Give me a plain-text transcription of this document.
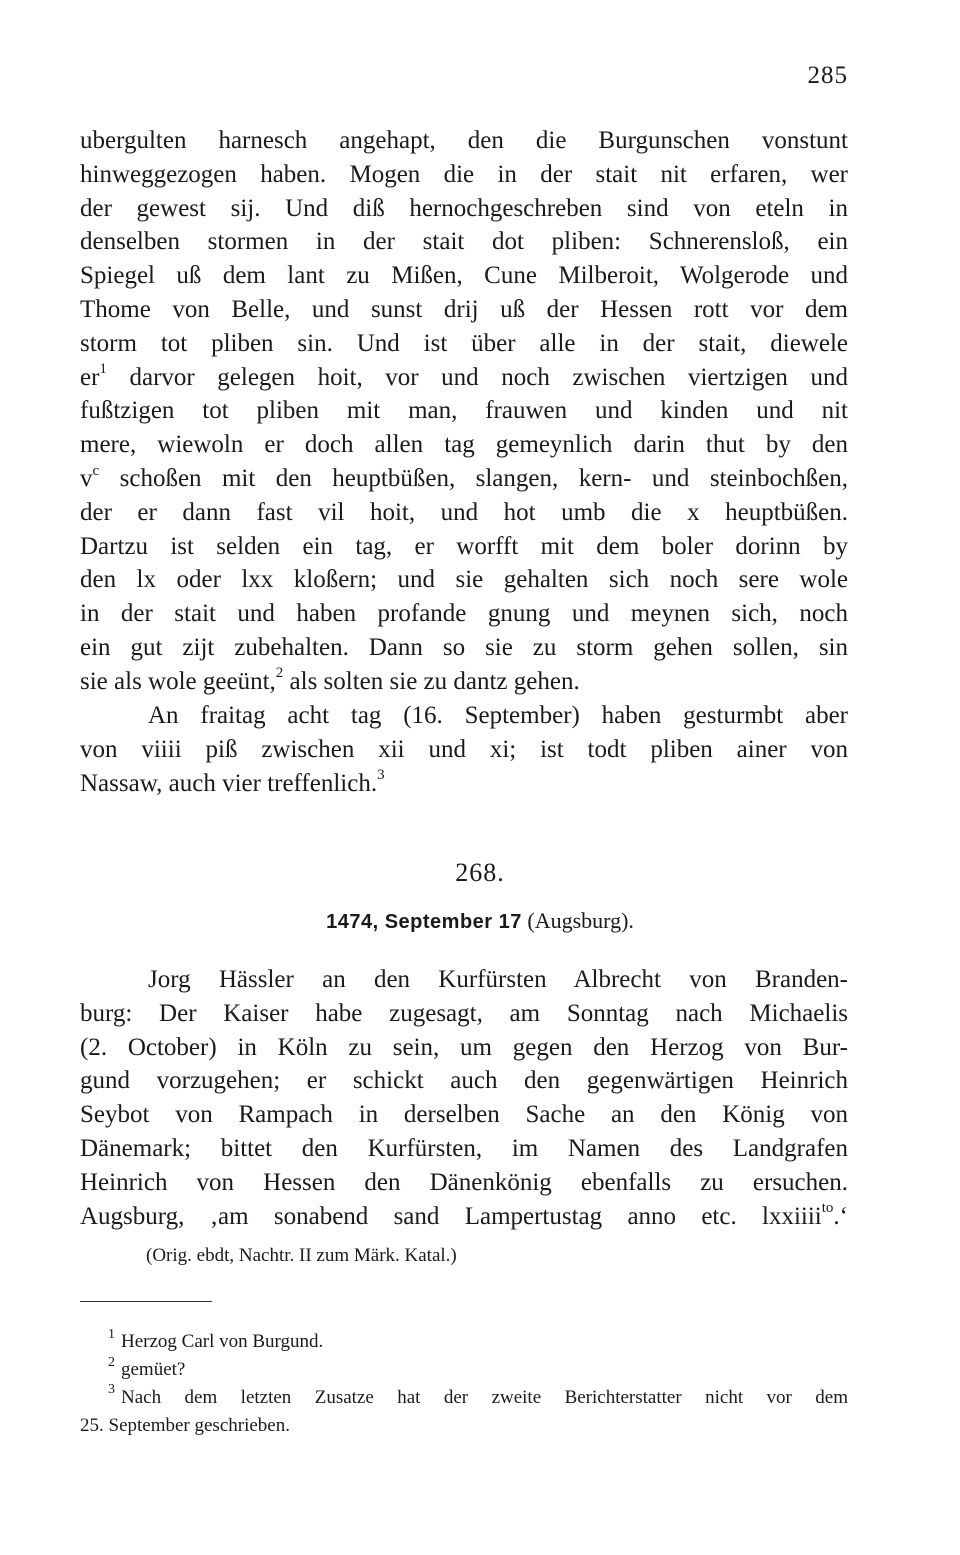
285
ubergulten harnesch angehapt, den die Burgunschen vonstunt
hinweggezogen haben. Mogen die in der stait nit erfaren, wer
der gewest sij. Und diß hernochgeschreben sind von eteln in
denselben stormen in der stait dot pliben: Schnerensloß, ein
Spiegel uß dem lant zu Mißen, Cune Milberoit, Wolgerode und
Thome von Belle, und sunst drij uß der Hessen rott vor dem
storm tot pliben sin. Und ist über alle in der stait, diewele
$er^1$ darvor gelegen hoit, vor und noch zwischen viertzigen und
fußtzigen tot pliben mit man, frauwen und kinden und nit
mere, wiewoln er doch allen tag gemeynlich darin thut by den
$v^c$ schoßen mit den heuptbüßen, slangen, kern- und steinbochßen,
der er dann fast vil hoit, und hot umb die x heuptbüßen.
Dartzu ist selden ein tag, er worfft mit dem boler dorinn by
den lx oder lxx kloßern; und sie gehalten sich noch sere wole
in der stait und haben profande gnung und meynen sich, noch
ein gut zijt zubehalten. Dann so sie zu storm gehen sollen, sin
sie als wole geeünt,$^2$ als solten sie zu dantz gehen.
An fraitag acht tag (16. September) haben gesturmbt aber
von viiii piß zwischen xii und xi; ist todt pliben ainer von
Nassaw, auch vier treffenlich.$^3$
268.
1474, September 17 (Augsburg).
Jorg Hässler an den Kurfürsten Albrecht von Branden-
burg: Der Kaiser habe zugesagt, am Sonntag nach Michaelis
(2. October) in Köln zu sein, um gegen den Herzog von Bur-
gund vorzugehen; er schickt auch den gegenwärtigen Heinrich
Seybot von Rampach in derselben Sache an den König von
Dänemark; bittet den Kurfürsten, im Namen des Landgrafen
Heinrich von Hessen den Dänenkönig ebenfalls zu ersuchen.
Augsburg, ‚am sonabend sand Lampertustag anno etc. lxxiiii$^{to}$.‘
(Orig. ebdt, Nachtr. II zum Märk. Katal.)
$^1$ Herzog Carl von Burgund.
$^2$ gemüet?
$^3$ Nach dem letzten Zusatze hat der zweite Berichterstatter nicht vor dem
25. September geschrieben.
